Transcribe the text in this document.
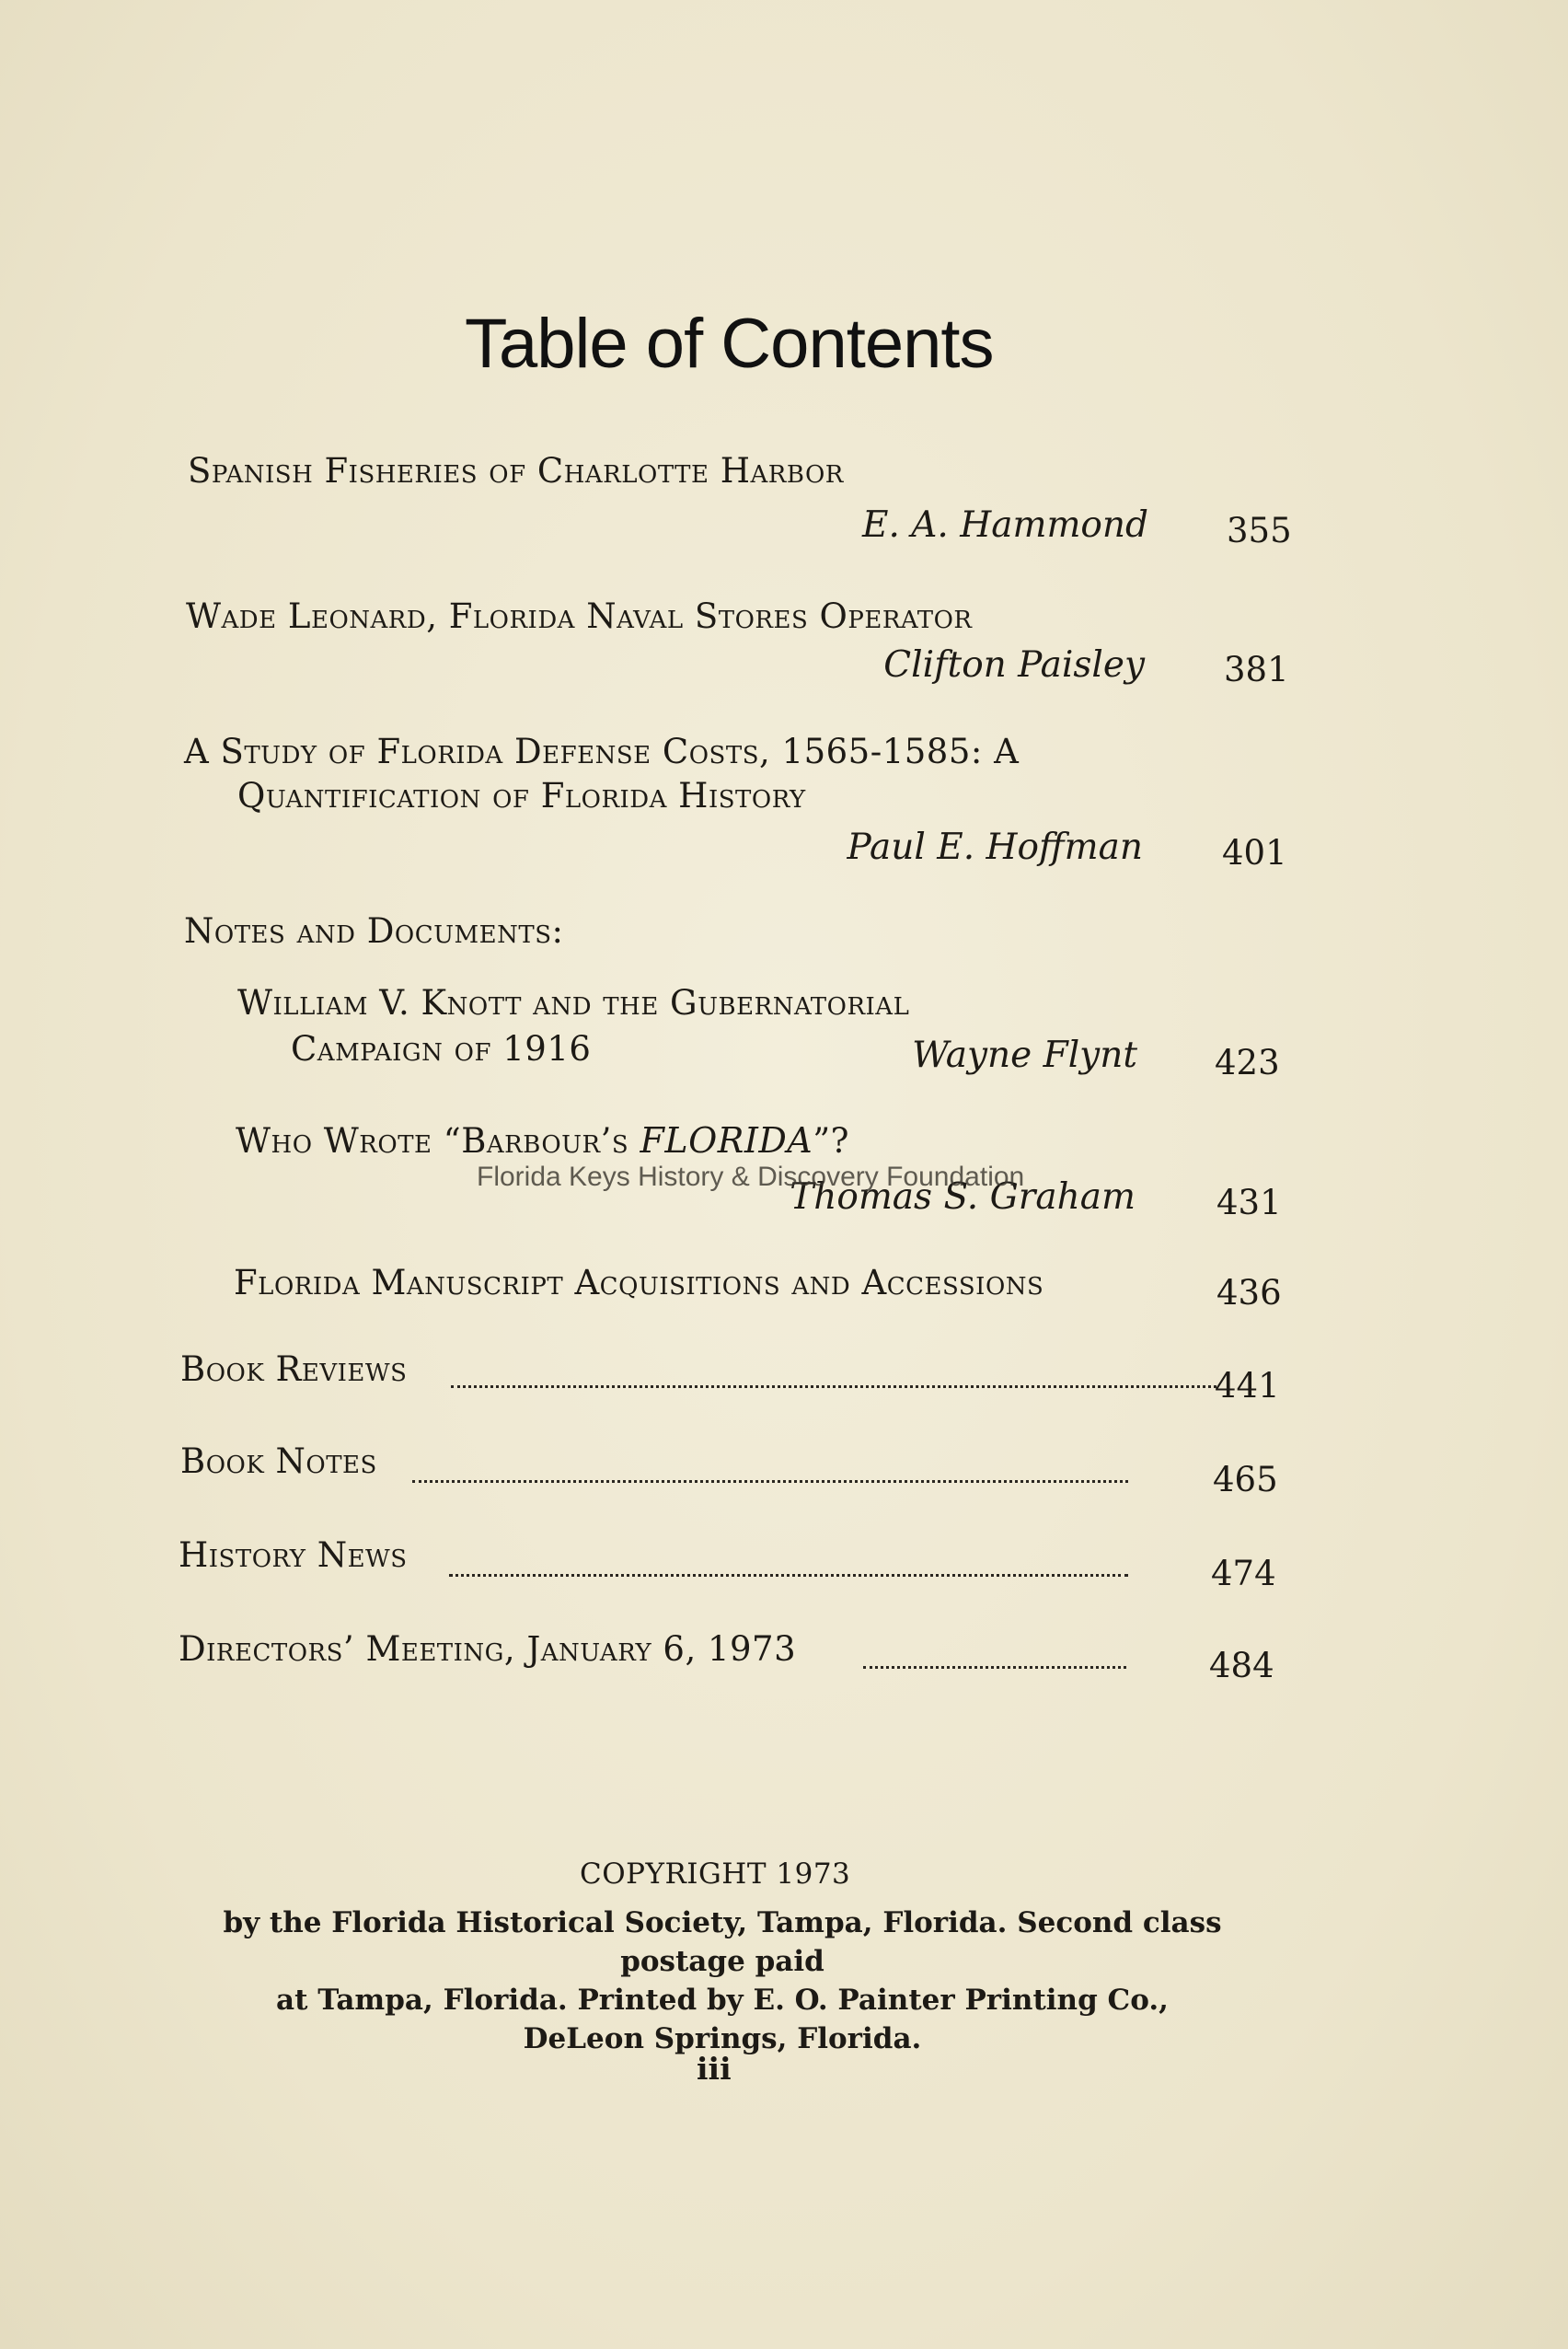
Table of Contents
Spanish Fisheries of Charlotte Harbor
E. A. Hammond 355
Wade Leonard, Florida Naval Stores Operator
Clifton Paisley 381
A Study of Florida Defense Costs, 1565-1585: A
Quantification of Florida History
Paul E. Hoffman 401
Notes and Documents:
William V. Knott and the Gubernatorial
Campaign of 1916	Wayne Flynt 423
Who Wrote “Barbour’s FLORIDA”?
Thomas S. Graham 431
Florida Keys History & Discovery Foundation
Florida Manuscript Acquisitions and Accessions	436
Book Reviews	441
Book Notes	465
History News	474
Directors’ Meeting, January 6, 1973	484
COPYRIGHT 1973
by the Florida Historical Society, Tampa, Florida. Second class postage paid
at Tampa, Florida. Printed by E. O. Painter Printing Co.,
DeLeon Springs, Florida.
iii
